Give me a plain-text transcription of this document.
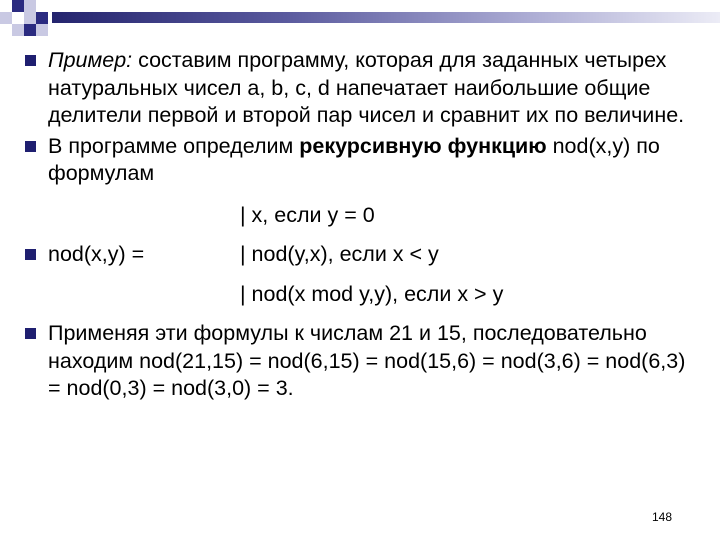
Пример: составим программу, которая для заданных четырех натуральных чисел a, b, c, d напечатает наибольшие общие делители первой и второй пар чисел и сравнит их по величине.
В программе определим рекурсивную функцию nod(x,y) по формулам
| x, если y = 0
nod(x,y) =	| nod(y,x), если x < y
| nod(x mod y,y), если x > y
Применяя эти формулы к числам 21 и 15, последовательно находим nod(21,15) = nod(6,15) = nod(15,6) = nod(3,6) = nod(6,3) = nod(0,3) = nod(3,0) = 3.
148
